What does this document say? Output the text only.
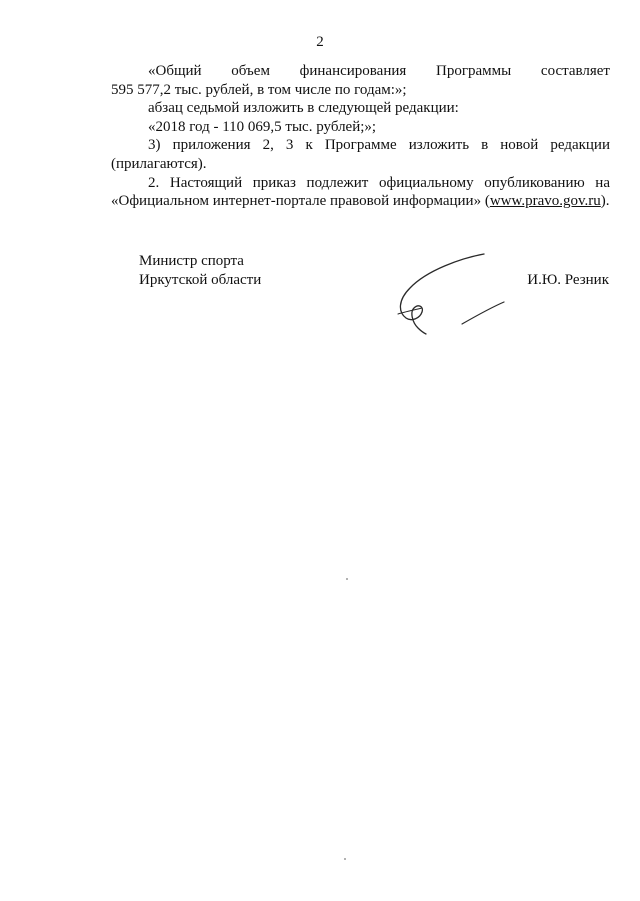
2

«Общий объем финансирования Программы составляет
595 577,2 тыс. рублей, в том числе по годам:»;

абзац седьмой изложить в следующей редакции:

«2018 год - 110 069,5 тыс. рублей;»;

3) приложения 2, 3 к Программе изложить в новой редакции
(прилагаются).

2. Настоящий приказ подлежит официальному опубликованию на
«Официальном интернет-портале правовой информации» (www.pravo.gov.ru).

Министр спорта
Иркутской области	И.Ю. Резник
